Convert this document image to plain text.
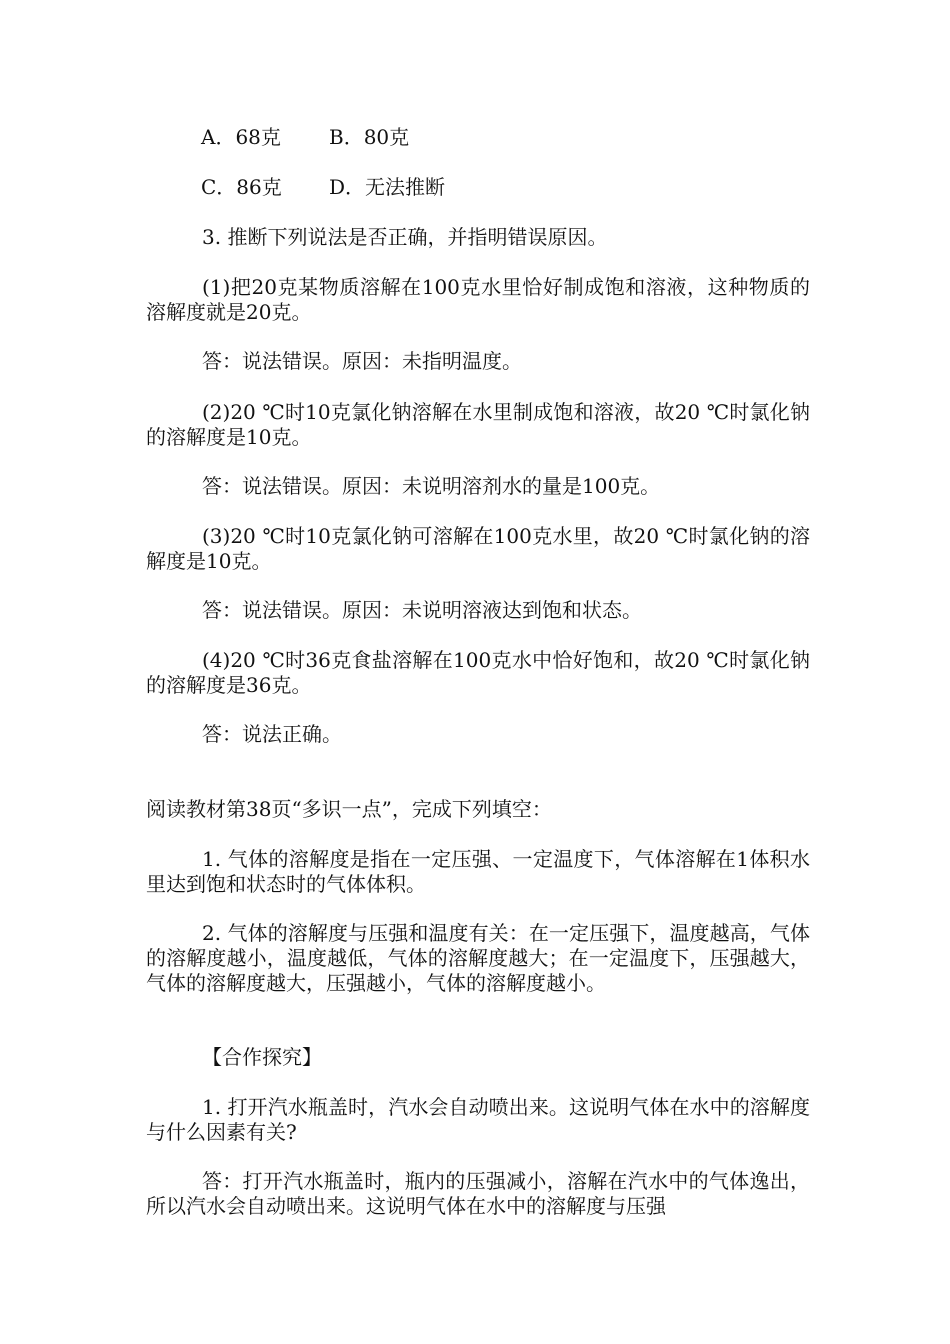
A．68克 B．80克
C．86克 D．无法推断
3. 推断下列说法是否正确，并指明错误原因。
(1)把20克某物质溶解在100克水里恰好制成饱和溶液，这种物质的溶解度就是20克。
答：说法错误。原因：未指明温度。
(2)20 ℃时10克氯化钠溶解在水里制成饱和溶液，故20 ℃时氯化钠的溶解度是10克。
答：说法错误。原因：未说明溶剂水的量是100克。
(3)20 ℃时10克氯化钠可溶解在100克水里，故20 ℃时氯化钠的溶解度是10克。
答：说法错误。原因：未说明溶液达到饱和状态。
(4)20 ℃时36克食盐溶解在100克水中恰好饱和，故20 ℃时氯化钠的溶解度是36克。
答：说法正确。
阅读教材第38页“多识一点”，完成下列填空：
1. 气体的溶解度是指在一定压强、一定温度下，气体溶解在1体积水里达到饱和状态时的气体体积。
2. 气体的溶解度与压强和温度有关：在一定压强下，温度越高，气体的溶解度越小，温度越低，气体的溶解度越大；在一定温度下，压强越大，气体的溶解度越大，压强越小，气体的溶解度越小。
【合作探究】
1. 打开汽水瓶盖时，汽水会自动喷出来。这说明气体在水中的溶解度与什么因素有关?
答：打开汽水瓶盖时，瓶内的压强减小，溶解在汽水中的气体逸出，所以汽水会自动喷出来。这说明气体在水中的溶解度与压强
